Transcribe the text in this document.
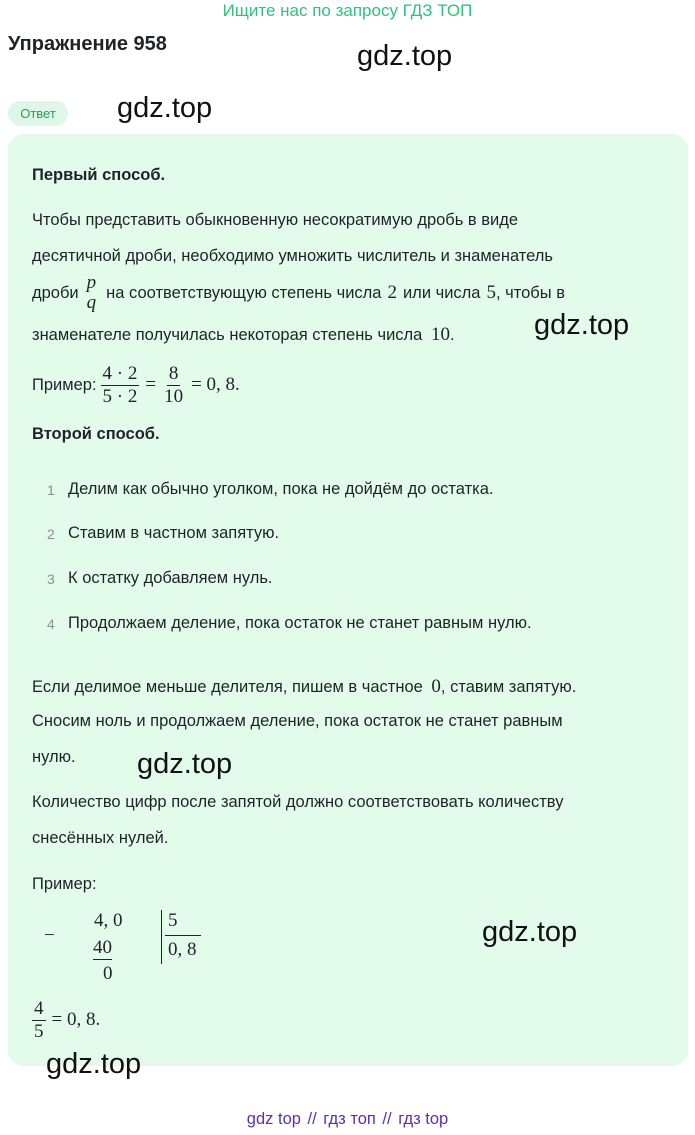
Ищите нас по запросу ГДЗ ТОП
Упражнение 958	gdz.top
gdz.top
Ответ
Первый способ.
Чтобы представить обыкновенную несократимую дробь в виде
десятичной дроби, необходимо умножить числитель и знаменатель
дроби p
q на соответствующую степень числа 2 или числа 5 , чтобы в
знаменателе получилась некоторая степень числа 10.	gdz.top
Пример: $\frac{4 \cdot 2}{5 \cdot 2} = \frac{8}{10} = 0$, 8.
Второй способ.
1 Делим как обычно уголком, пока не дойдём до остатка.
2 Ставим в частном запятую.
3 К остатку добавляем нуль.
4 Продолжаем деление, пока остаток не станет равным нулю.
Если делимое меньше делителя, пишем в частное 0, ставим запятую.
Сносим ноль и продолжаем деление, пока остаток не станет равным
нулю. gdz.top
Количество цифр после запятой должно соответствовать количеству
снесённых нулей.
Пример:
−
4, 0
40
0
5
0, 8
gdz.top
$\frac{4}{5} = 0$, 8.
gdz.top
gdz top // гдз топ // гдз top
